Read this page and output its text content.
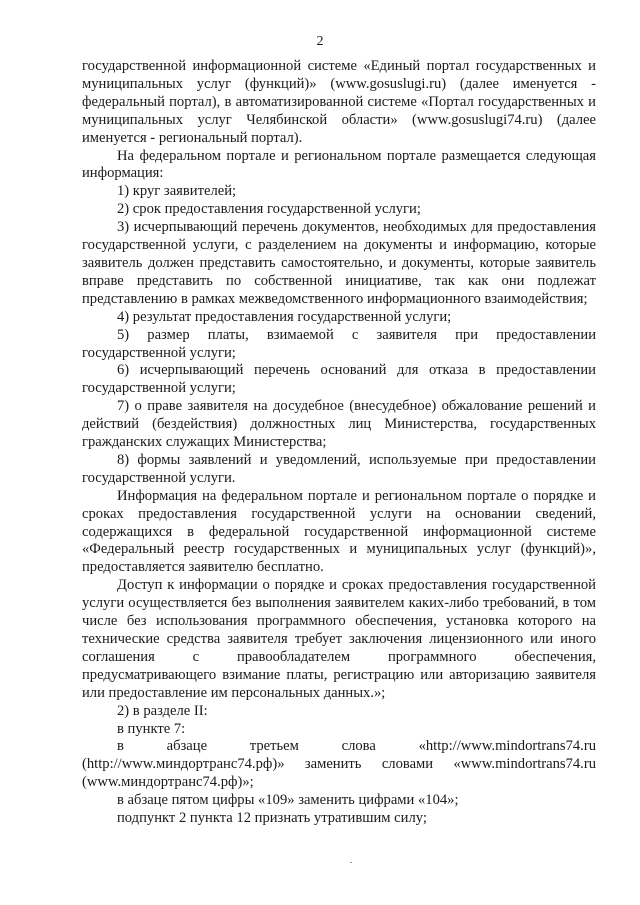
2

государственной информационной системе «Единый портал государственных и муниципальных услуг (функций)» (www.gosuslugi.ru) (далее именуется - федеральный портал), в автоматизированной системе «Портал государственных и муниципальных услуг Челябинской области» (www.gosuslugi74.ru) (далее именуется - региональный портал).

На федеральном портале и региональном портале размещается следующая информация:

1) круг заявителей;

2) срок предоставления государственной услуги;

3) исчерпывающий перечень документов, необходимых для предоставления государственной услуги, с разделением на документы и информацию, которые заявитель должен представить самостоятельно, и документы, которые заявитель вправе представить по собственной инициативе, так как они подлежат представлению в рамках межведомственного информационного взаимодействия;

4) результат предоставления государственной услуги;

5) размер платы, взимаемой с заявителя при предоставлении государственной услуги;

6) исчерпывающий перечень оснований для отказа в предоставлении государственной услуги;

7) о праве заявителя на досудебное (внесудебное) обжалование решений и действий (бездействия) должностных лиц Министерства, государственных гражданских служащих Министерства;

8) формы заявлений и уведомлений, используемые при предоставлении государственной услуги.

Информация на федеральном портале и региональном портале о порядке и сроках предоставления государственной услуги на основании сведений, содержащихся в федеральной государственной информационной системе «Федеральный реестр государственных и муниципальных услуг (функций)», предоставляется заявителю бесплатно.

Доступ к информации о порядке и сроках предоставления государственной услуги осуществляется без выполнения заявителем каких-либо требований, в том числе без использования программного обеспечения, установка которого на технические средства заявителя требует заключения лицензионного или иного соглашения с правообладателем программного обеспечения, предусматривающего взимание платы, регистрацию или авторизацию заявителя или предоставление им персональных данных.»;

2) в разделе II:

в пункте 7:

в абзаце третьем слова «http://www.mindortrans74.ru (http://www.миндортранс74.рф)» заменить словами «www.mindortrans74.ru (www.миндортранс74.рф)»;

в абзаце пятом цифры «109» заменить цифрами «104»;

подпункт 2 пункта 12 признать утратившим силу;
